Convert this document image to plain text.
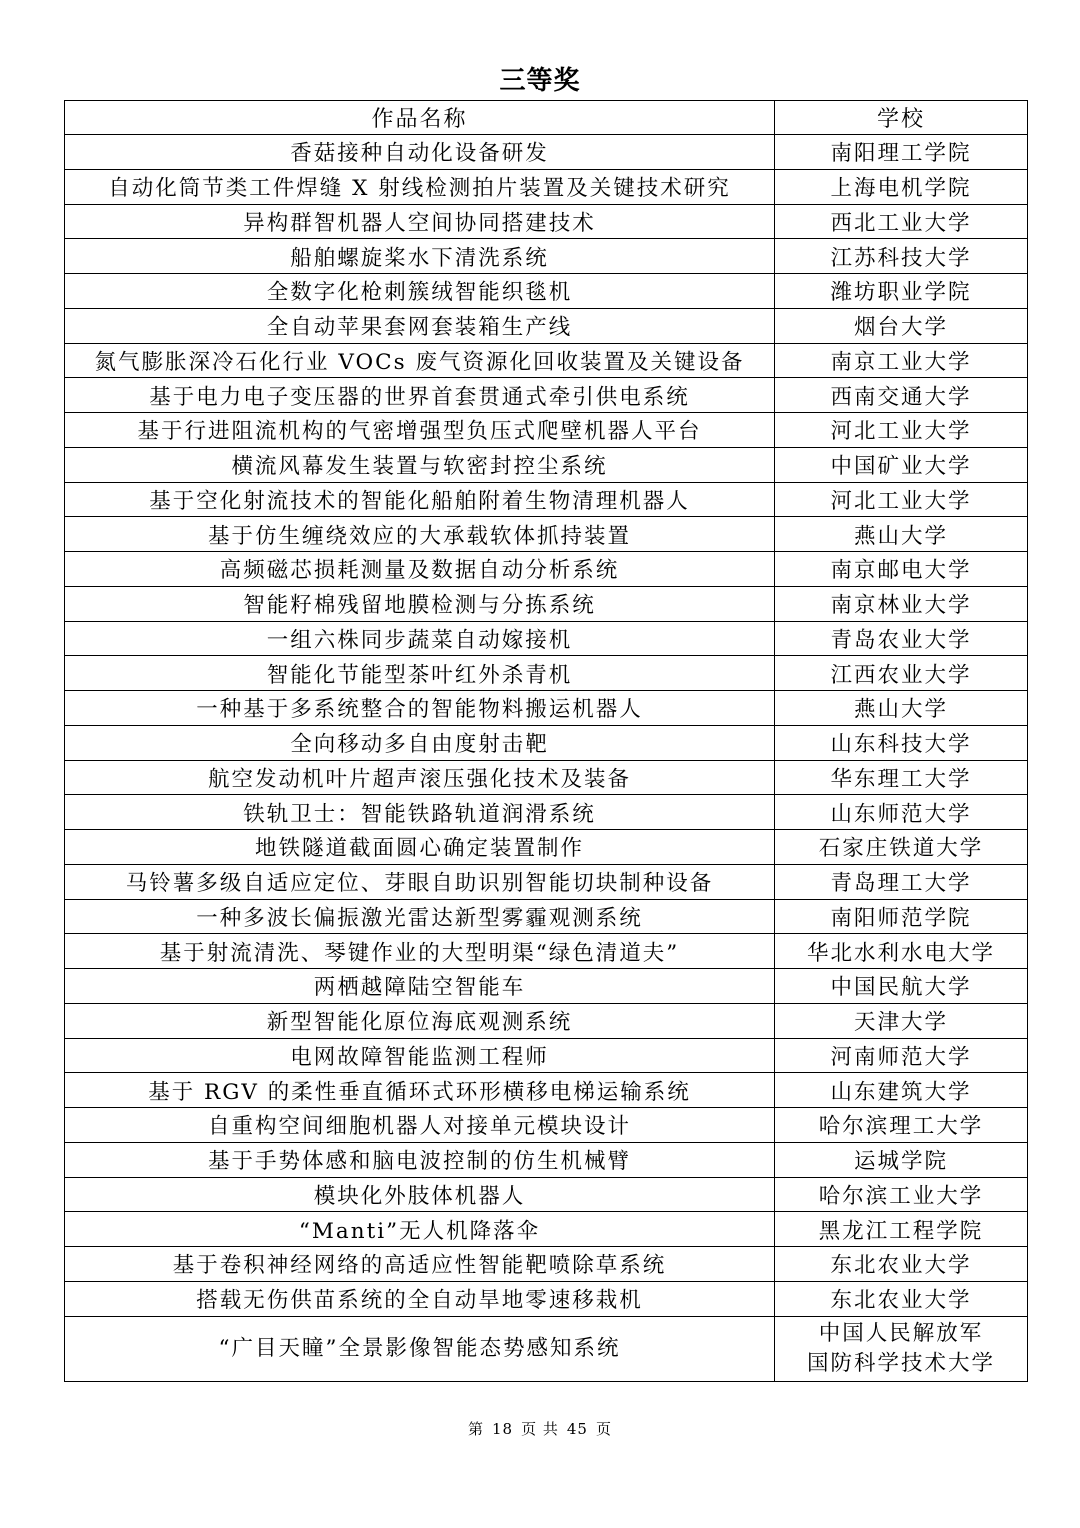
三等奖
作品名称	学校
香菇接种自动化设备研发	南阳理工学院
自动化筒节类工件焊缝 X 射线检测拍片装置及关键技术研究	上海电机学院
异构群智机器人空间协同搭建技术	西北工业大学
船舶螺旋桨水下清洗系统	江苏科技大学
全数字化枪刺簇绒智能织毯机	潍坊职业学院
全自动苹果套网套装箱生产线	烟台大学
氮气膨胀深冷石化行业 VOCs 废气资源化回收装置及关键设备	南京工业大学
基于电力电子变压器的世界首套贯通式牵引供电系统	西南交通大学
基于行进阻流机构的气密增强型负压式爬壁机器人平台	河北工业大学
横流风幕发生装置与软密封控尘系统	中国矿业大学
基于空化射流技术的智能化船舶附着生物清理机器人	河北工业大学
基于仿生缠绕效应的大承载软体抓持装置	燕山大学
高频磁芯损耗测量及数据自动分析系统	南京邮电大学
智能籽棉残留地膜检测与分拣系统	南京林业大学
一组六株同步蔬菜自动嫁接机	青岛农业大学
智能化节能型茶叶红外杀青机	江西农业大学
一种基于多系统整合的智能物料搬运机器人	燕山大学
全向移动多自由度射击靶	山东科技大学
航空发动机叶片超声滚压强化技术及装备	华东理工大学
铁轨卫士：智能铁路轨道润滑系统	山东师范大学
地铁隧道截面圆心确定装置制作	石家庄铁道大学
马铃薯多级自适应定位、芽眼自助识别智能切块制种设备	青岛理工大学
一种多波长偏振激光雷达新型雾霾观测系统	南阳师范学院
基于射流清洗、琴键作业的大型明渠“绿色清道夫”	华北水利水电大学
两栖越障陆空智能车	中国民航大学
新型智能化原位海底观测系统	天津大学
电网故障智能监测工程师	河南师范大学
基于 RGV 的柔性垂直循环式环形横移电梯运输系统	山东建筑大学
自重构空间细胞机器人对接单元模块设计	哈尔滨理工大学
基于手势体感和脑电波控制的仿生机械臂	运城学院
模块化外肢体机器人	哈尔滨工业大学
“Manti”无人机降落伞	黑龙江工程学院
基于卷积神经网络的高适应性智能靶喷除草系统	东北农业大学
搭载无伤供苗系统的全自动旱地零速移栽机	东北农业大学
“广目天瞳”全景影像智能态势感知系统	中国人民解放军
国防科学技术大学
第 18 页 共 45 页
